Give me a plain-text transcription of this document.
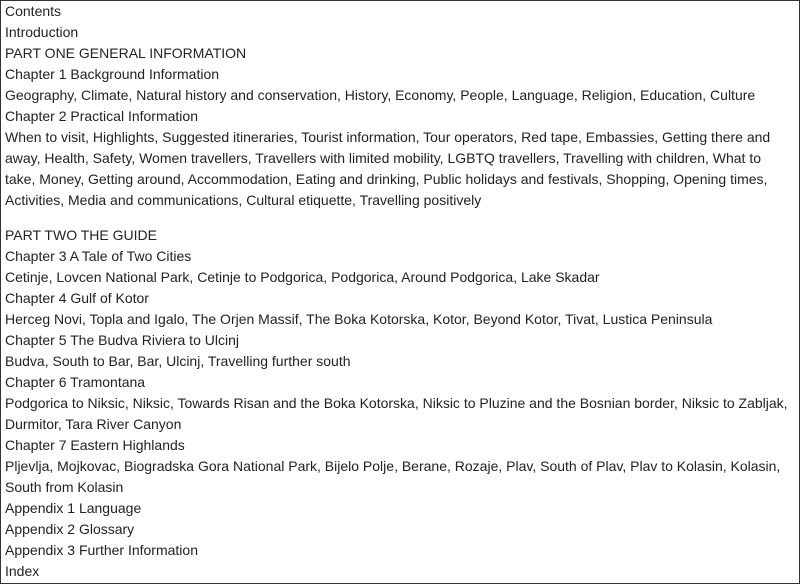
Contents

Introduction

PART ONE GENERAL INFORMATION

Chapter 1 Background Information

Geography, Climate, Natural history and conservation, History, Economy, People, Language, Religion, Education, Culture

Chapter 2 Practical Information

When to visit, Highlights, Suggested itineraries, Tourist information, Tour operators, Red tape, Embassies, Getting there and away, Health, Safety, Women travellers, Travellers with limited mobility, LGBTQ travellers, Travelling with children, What to take, Money, Getting around, Accommodation, Eating and drinking, Public holidays and festivals, Shopping, Opening times, Activities, Media and communications, Cultural etiquette, Travelling positively

PART TWO THE GUIDE

Chapter 3 A Tale of Two Cities

Cetinje, Lovcen National Park, Cetinje to Podgorica, Podgorica, Around Podgorica, Lake Skadar

Chapter 4 Gulf of Kotor

Herceg Novi, Topla and Igalo, The Orjen Massif, The Boka Kotorska, Kotor, Beyond Kotor, Tivat, Lustica Peninsula

Chapter 5 The Budva Riviera to Ulcinj

Budva, South to Bar, Bar, Ulcinj, Travelling further south

Chapter 6 Tramontana

Podgorica to Niksic, Niksic, Towards Risan and the Boka Kotorska, Niksic to Pluzine and the Bosnian border, Niksic to Zabljak, Durmitor, Tara River Canyon

Chapter 7 Eastern Highlands

Pljevlja, Mojkovac, Biogradska Gora National Park, Bijelo Polje, Berane, Rozaje, Plav, South of Plav, Plav to Kolasin, Kolasin, South from Kolasin

Appendix 1 Language

Appendix 2 Glossary

Appendix 3 Further Information

Index
